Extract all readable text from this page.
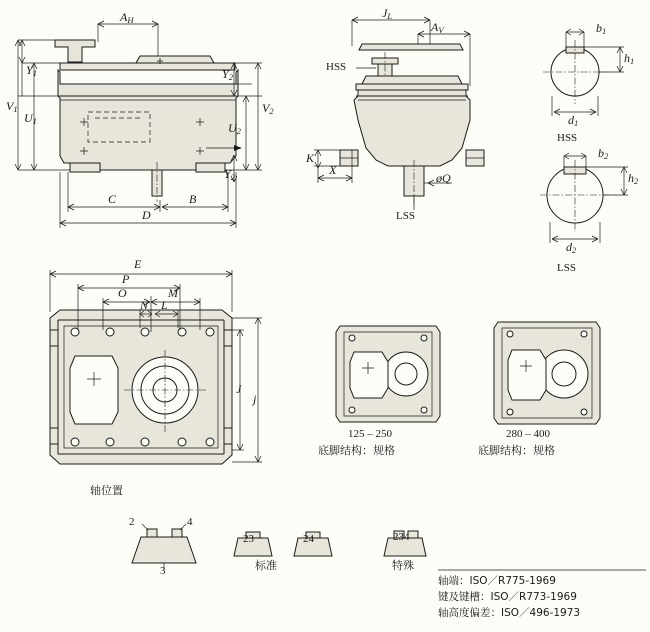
$A_H$
$Y_1$
$V_1$
$U_1$
$Y_2$
$V_2$
$U_2$
$Y_2$
C	B
D
$J_L$
$A_V$
K
X
øQ
HSS
LSS
$b_1$
$h_1$
$d_1$
HSS
$b_2$
$h_2$
$d_2$
LSS
E
P
O	M
N L
J
j
2	4
3
23	24	234
轴位置
125 – 250	280 – 400
底脚结构：规格	底脚结构：规格
标准	特殊
轴端：ISO／R775-1969
键及键槽：ISO／R773-1969
轴高度偏差：ISO／496-1973
